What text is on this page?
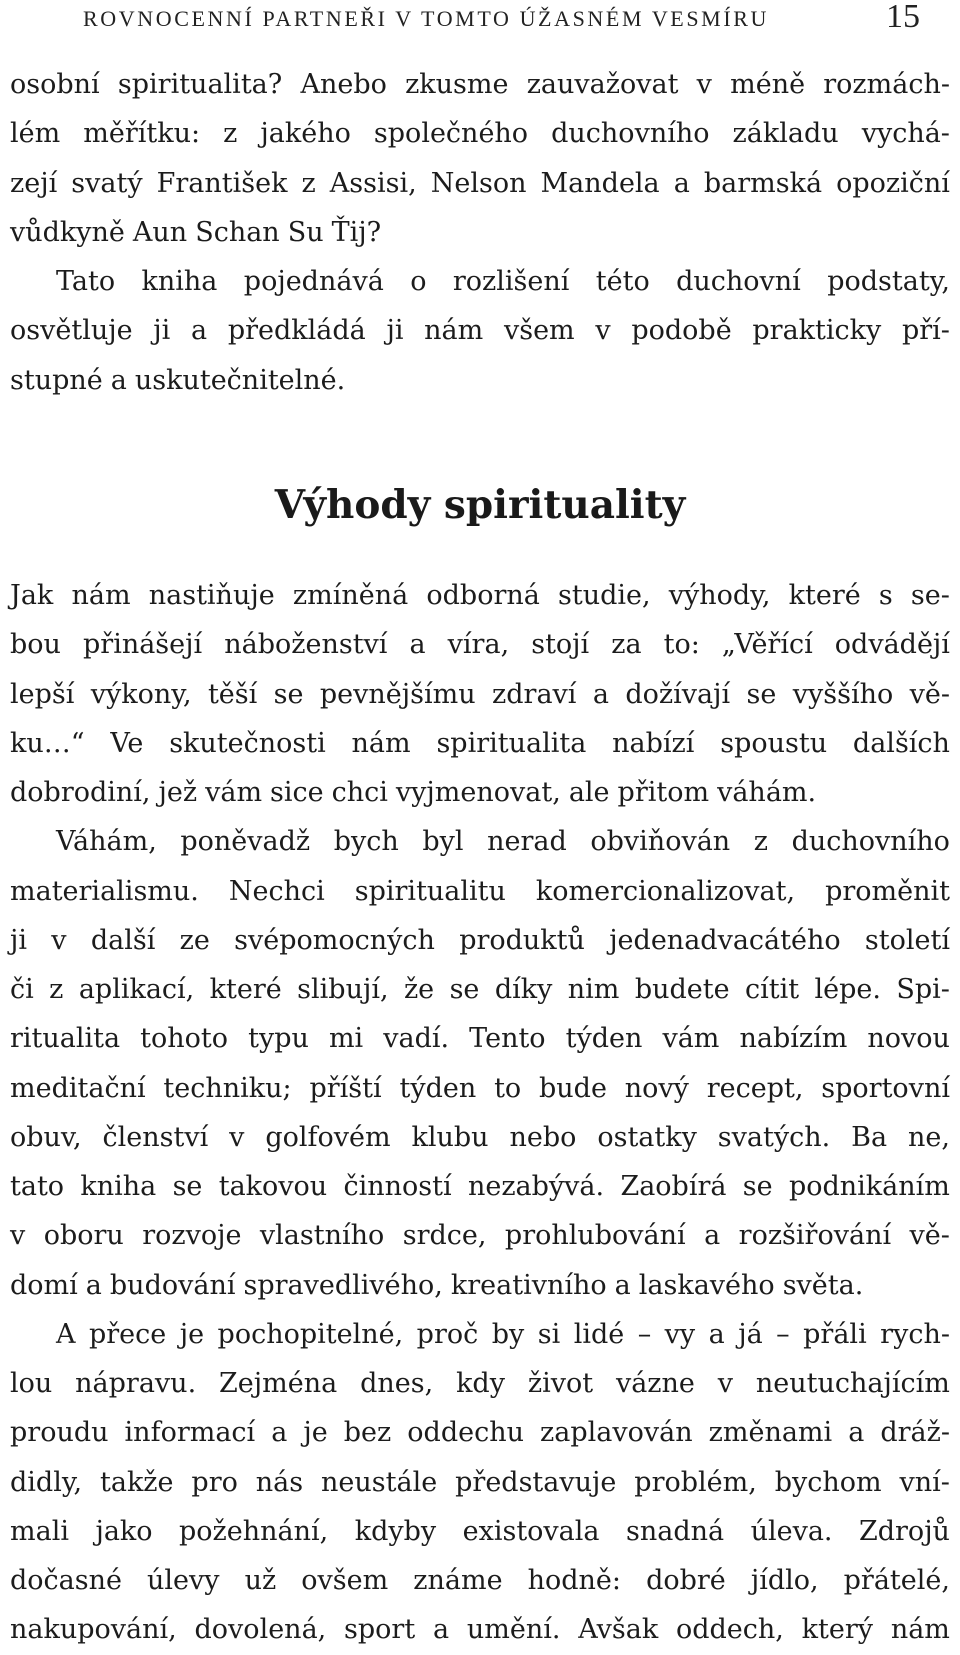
ROVNOCENNÍ PARTNEŘI V TOMTO ÚŽASNÉM VESMÍRU	15
osobní spiritualita? Anebo zkusme zauvažovat v méně rozmách-
lém měřítku: z jakého společného duchovního základu vychá-
zejí svatý František z Assisi, Nelson Mandela a barmská opoziční
vůdkyně Aun Schan Su Ťij?
Tato kniha pojednává o rozlišení této duchovní podstaty,
osvětluje ji a předkládá ji nám všem v podobě prakticky pří-
stupné a uskutečnitelné.
Výhody spirituality
Jak nám nastiňuje zmíněná odborná studie, výhody, které s se-
bou přinášejí náboženství a víra, stojí za to: „Věřící odvádějí
lepší výkony, těší se pevnějšímu zdraví a dožívají se vyššího vě-
ku…“ Ve skutečnosti nám spiritualita nabízí spoustu dalších
dobrodiní, jež vám sice chci vyjmenovat, ale přitom váhám.
Váhám, poněvadž bych byl nerad obviňován z duchovního
materialismu. Nechci spiritualitu komercionalizovat, proměnit
ji v další ze svépomocných produktů jedenadvacátého století
či z aplikací, které slibují, že se díky nim budete cítit lépe. Spi-
ritualita tohoto typu mi vadí. Tento týden vám nabízím novou
meditační techniku; příští týden to bude nový recept, sportovní
obuv, členství v golfovém klubu nebo ostatky svatých. Ba ne,
tato kniha se takovou činností nezabývá. Zaobírá se podnikáním
v oboru rozvoje vlastního srdce, prohlubování a rozšiřování vě-
domí a budování spravedlivého, kreativního a laskavého světa.
A přece je pochopitelné, proč by si lidé – vy a já – přáli rych-
lou nápravu. Zejména dnes, kdy život vázne v neutuchajícím
proudu informací a je bez oddechu zaplavován změnami a dráž-
didly, takže pro nás neustále představuje problém, bychom vní-
mali jako požehnání, kdyby existovala snadná úleva. Zdrojů
dočasné úlevy už ovšem známe hodně: dobré jídlo, přátelé,
nakupování, dovolená, sport a umění. Avšak oddech, který nám
